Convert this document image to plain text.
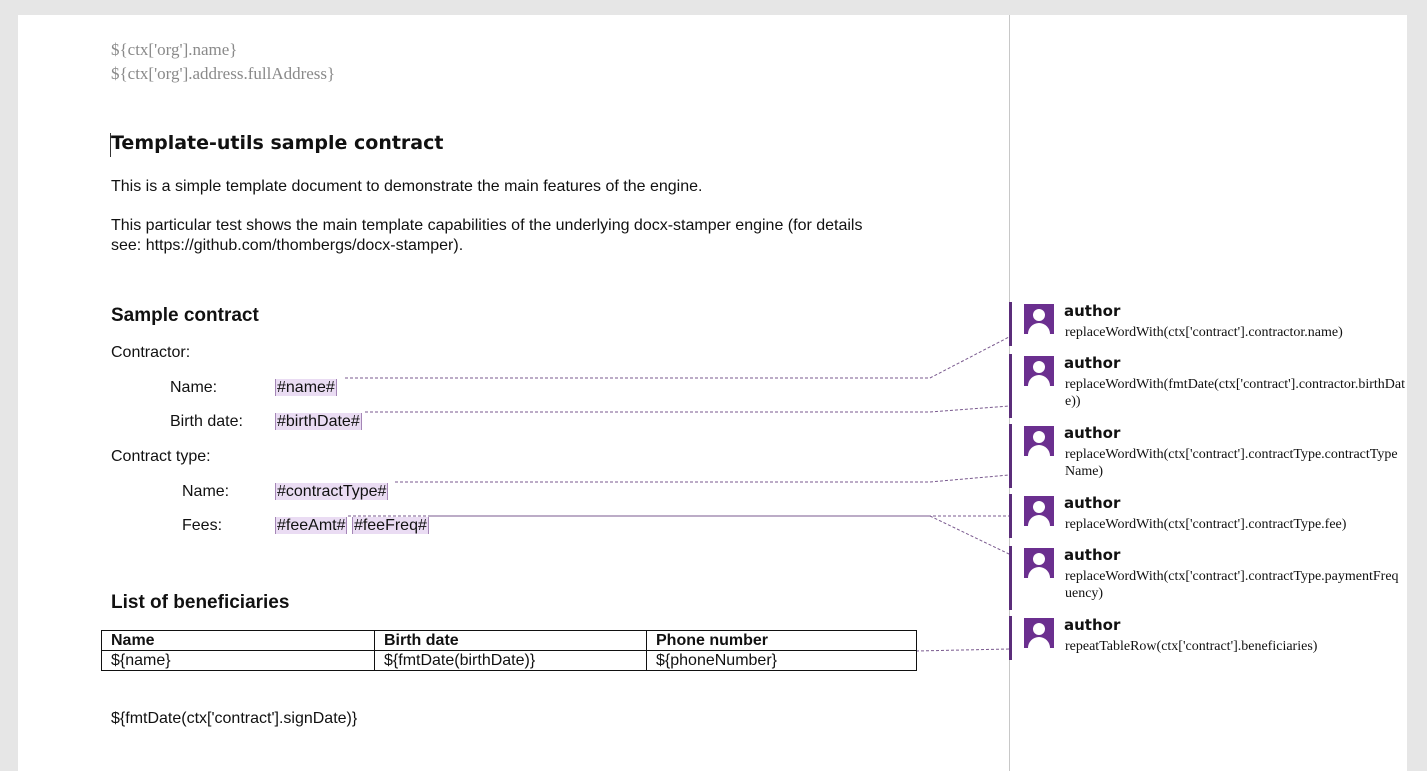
${ctx['org'].name}
${ctx['org'].address.fullAddress}
Template-utils sample contract
This is a simple template document to demonstrate the main features of the engine.
This particular test shows the main template capabilities of the underlying docx-stamper engine (for details
see: https://github.com/thombergs/docx-stamper).
Sample contract
Contractor:
Name:	#name#
Birth date: #birthDate#
Contract type:
Name:	#contractType#
Fees:	#feeAmt# #feeFreq#
List of beneficiaries
Name	Birth date	Phone number
${name}	${fmtDate(birthDate)}	${phoneNumber}
${fmtDate(ctx['contract'].signDate)}
author
replaceWordWith(ctx['contract'].contractor.name)
author
replaceWordWith(fmtDate(ctx['contract'].contractor.birthDate))
author
replaceWordWith(ctx['contract'].contractType.contractTypeName)
author
replaceWordWith(ctx['contract'].contractType.fee)
author
replaceWordWith(ctx['contract'].contractType.paymentFrequency)
author
repeatTableRow(ctx['contract'].beneficiaries)
